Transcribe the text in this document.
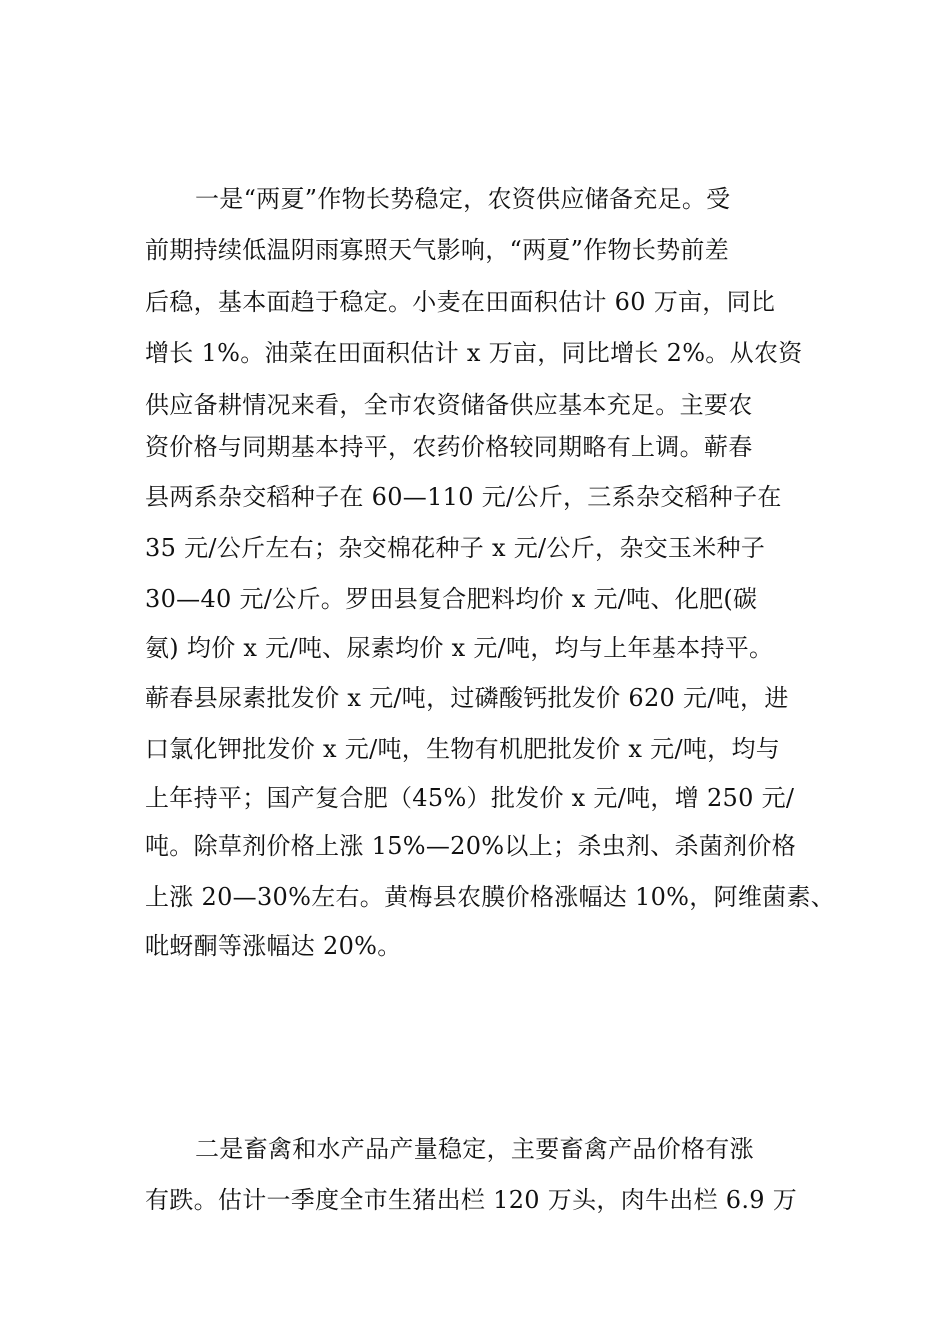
一是“两夏”作物长势稳定，农资供应储备充足。受
前期持续低温阴雨寡照天气影响，“两夏”作物长势前差
后稳，基本面趋于稳定。小麦在田面积估计 60 万亩，同比
增长 1%。油菜在田面积估计 x 万亩，同比增长 2%。从农资
供应备耕情况来看，全市农资储备供应基本充足。主要农
资价格与同期基本持平，农药价格较同期略有上调。蕲春
县两系杂交稻种子在 60—110 元/公斤，三系杂交稻种子在
35 元/公斤左右；杂交棉花种子 x 元/公斤，杂交玉米种子
30—40 元/公斤。罗田县复合肥料均价 x 元/吨、化肥(碳
氨) 均价 x 元/吨、尿素均价 x 元/吨，均与上年基本持平。
蕲春县尿素批发价 x 元/吨，过磷酸钙批发价 620 元/吨，进
口氯化钾批发价 x 元/吨，生物有机肥批发价 x 元/吨，均与
上年持平；国产复合肥（45%）批发价 x 元/吨，增 250 元/
吨。除草剂价格上涨 15%—20%以上；杀虫剂、杀菌剂价格
上涨 20—30%左右。黄梅县农膜价格涨幅达 10%，阿维菌素、
吡蚜酮等涨幅达 20%。
二是畜禽和水产品产量稳定，主要畜禽产品价格有涨
有跌。估计一季度全市生猪出栏 120 万头，肉牛出栏 6.9 万
